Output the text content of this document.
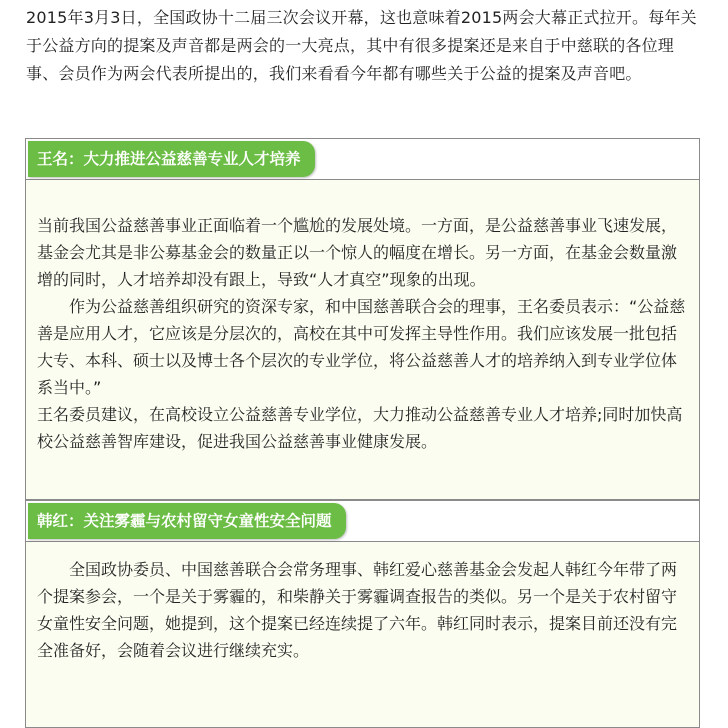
2015年3月3日，全国政协十二届三次会议开幕，这也意味着2015两会大幕正式拉开。每年关于公益方向的提案及声音都是两会的一大亮点，其中有很多提案还是来自于中慈联的各位理事、会员作为两会代表所提出的，我们来看看今年都有哪些关于公益的提案及声音吧。

王名：大力推进公益慈善专业人才培养

当前我国公益慈善事业正面临着一个尴尬的发展处境。一方面，是公益慈善事业飞速发展，基金会尤其是非公募基金会的数量正以一个惊人的幅度在增长。另一方面，在基金会数量激增的同时，人才培养却没有跟上，导致“人才真空”现象的出现。

作为公益慈善组织研究的资深专家，和中国慈善联合会的理事，王名委员表示：“公益慈善是应用人才，它应该是分层次的，高校在其中可发挥主导性作用。我们应该发展一批包括大专、本科、硕士以及博士各个层次的专业学位，将公益慈善人才的培养纳入到专业学位体系当中。”

王名委员建议，在高校设立公益慈善专业学位，大力推动公益慈善专业人才培养;同时加快高校公益慈善智库建设，促进我国公益慈善事业健康发展。

韩红：关注雾霾与农村留守女童性安全问题

全国政协委员、中国慈善联合会常务理事、韩红爱心慈善基金会发起人韩红今年带了两个提案参会，一个是关于雾霾的，和柴静关于雾霾调查报告的类似。另一个是关于农村留守女童性安全问题，她提到，这个提案已经连续提了六年。韩红同时表示，提案目前还没有完全准备好，会随着会议进行继续充实。
